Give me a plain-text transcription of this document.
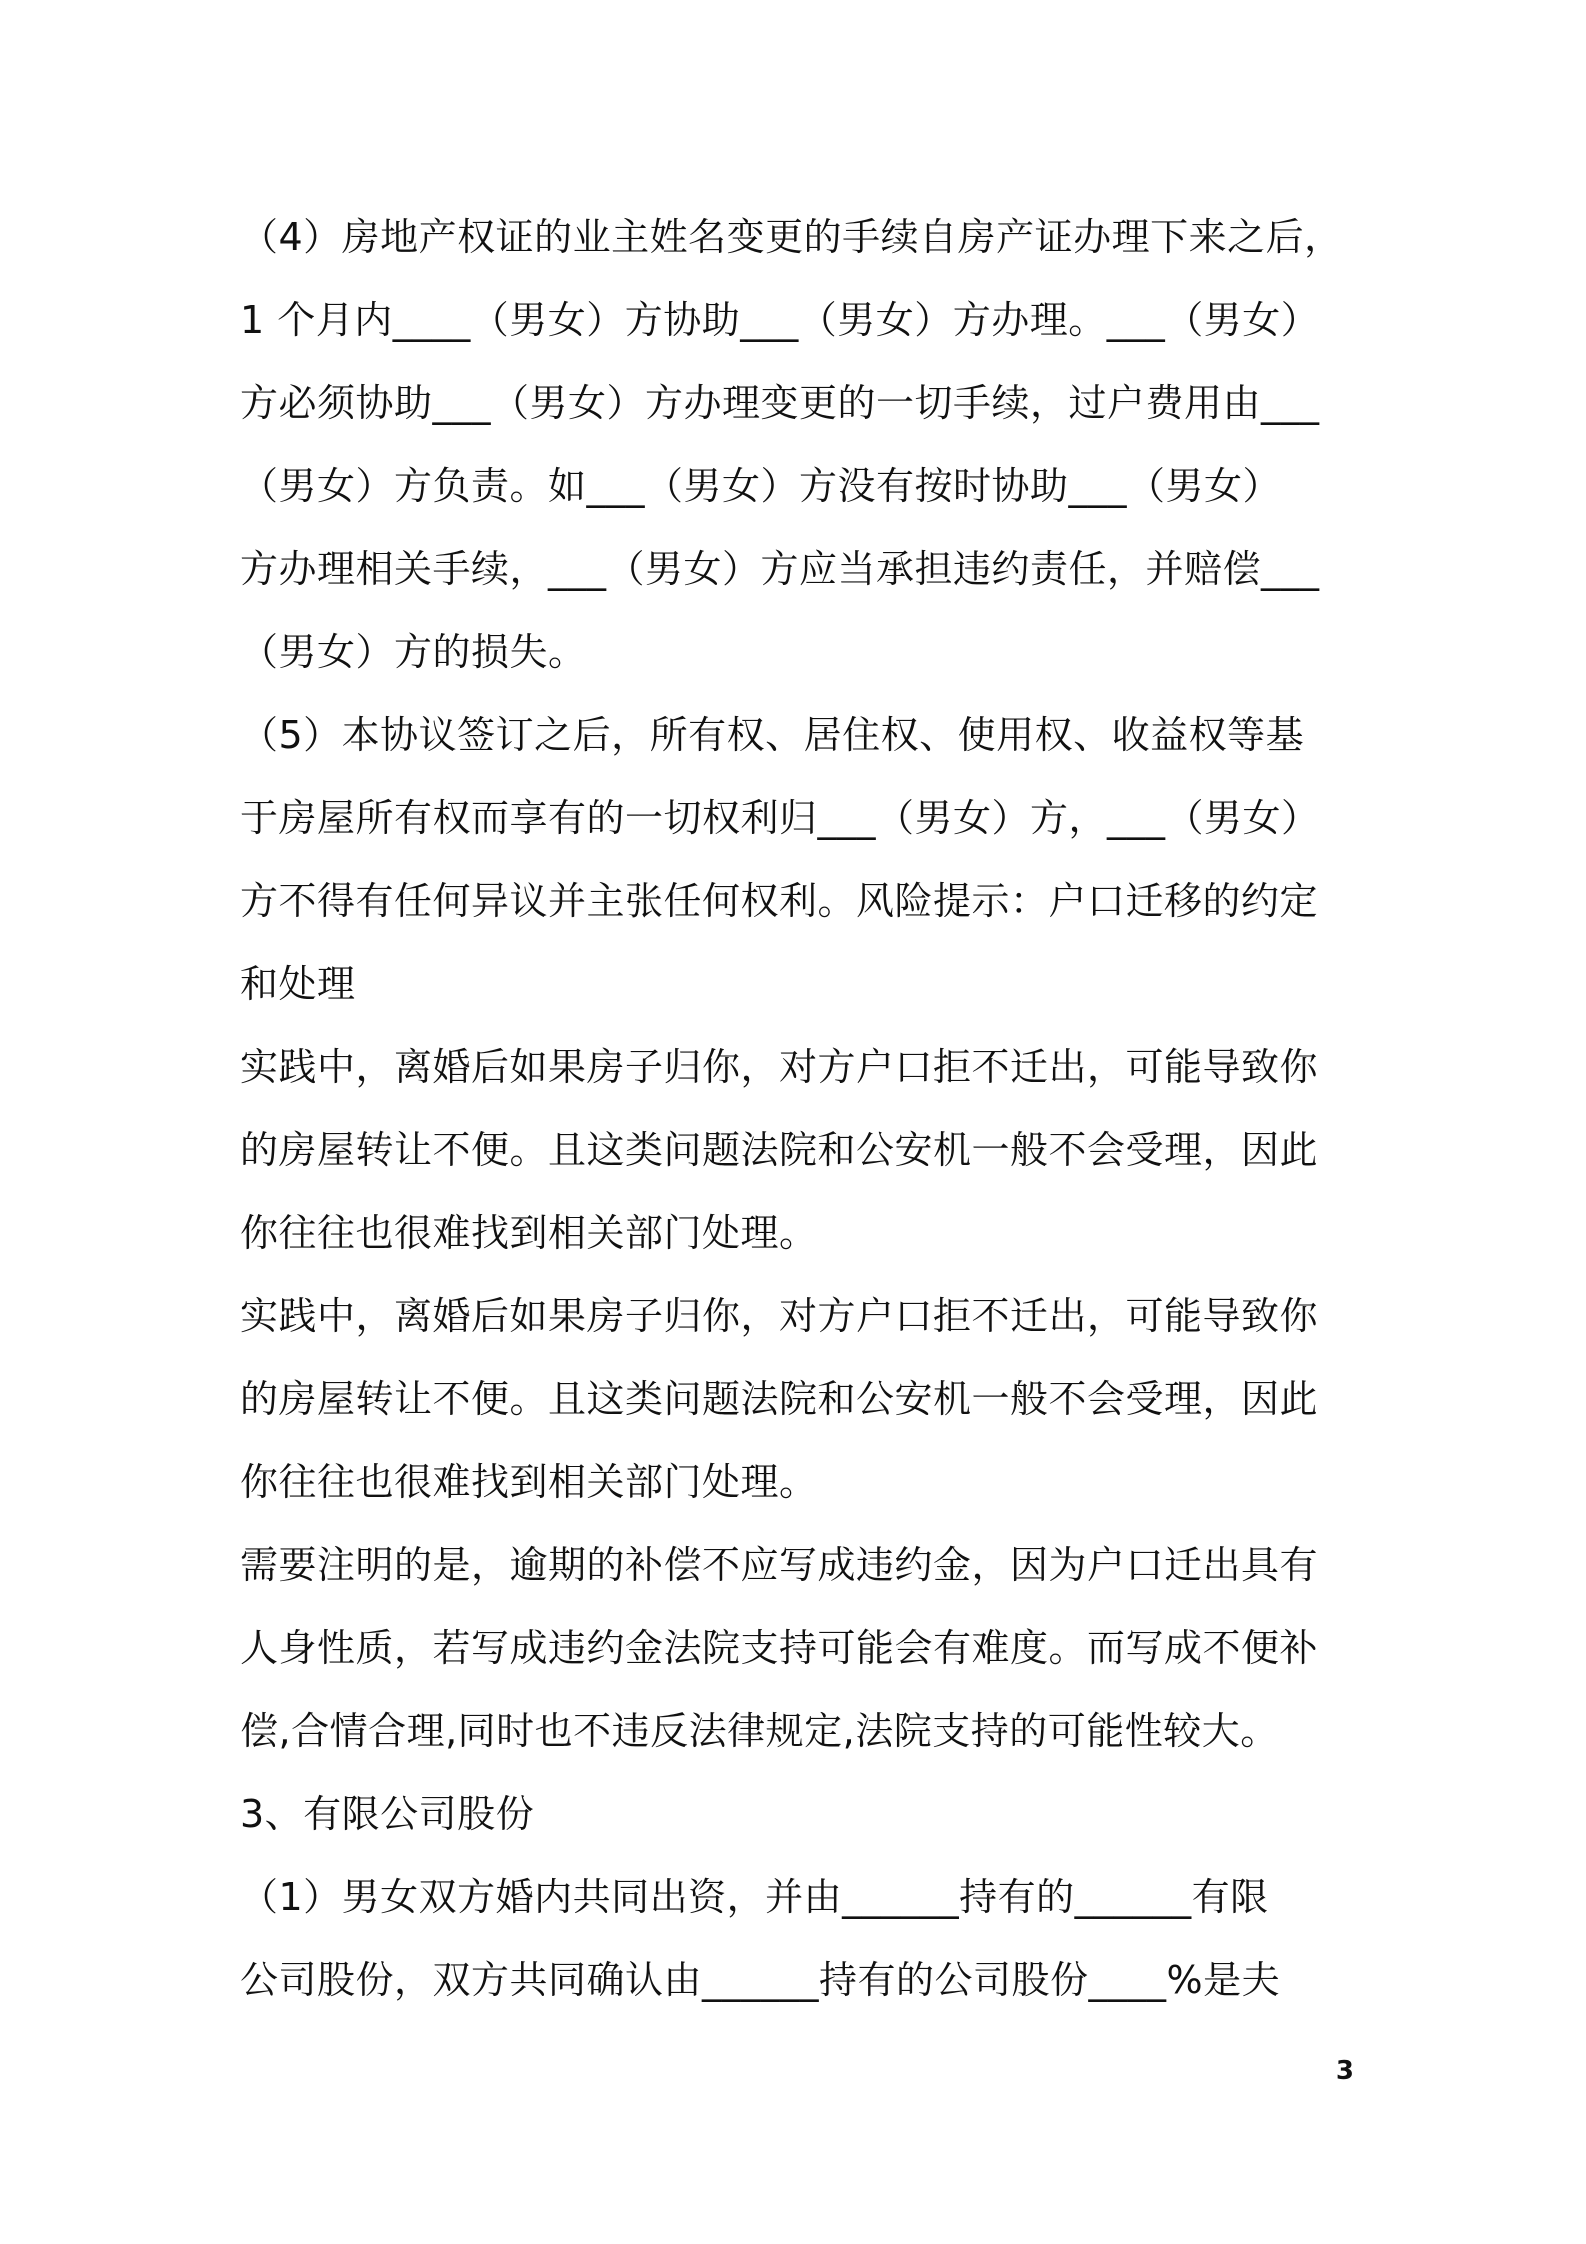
（4）房地产权证的业主姓名变更的手续自房产证办理下来之后，
1 个月内____（男女）方协助___（男女）方办理。___（男女）
方必须协助___（男女）方办理变更的一切手续，过户费用由___
（男女）方负责。如___（男女）方没有按时协助___（男女）
方办理相关手续，___（男女）方应当承担违约责任，并赔偿___
（男女）方的损失。
（5）本协议签订之后，所有权、居住权、使用权、收益权等基
于房屋所有权而享有的一切权利归___（男女）方，___（男女）
方不得有任何异议并主张任何权利。风险提示：户口迁移的约定
和处理
实践中，离婚后如果房子归你，对方户口拒不迁出，可能导致你
的房屋转让不便。且这类问题法院和公安机一般不会受理，因此
你往往也很难找到相关部门处理。
实践中，离婚后如果房子归你，对方户口拒不迁出，可能导致你
的房屋转让不便。且这类问题法院和公安机一般不会受理，因此
你往往也很难找到相关部门处理。
需要注明的是，逾期的补偿不应写成违约金，因为户口迁出具有
人身性质，若写成违约金法院支持可能会有难度。而写成不便补
偿,合情合理,同时也不违反法律规定,法院支持的可能性较大。
3、有限公司股份
（1）男女双方婚内共同出资，并由______持有的______有限
公司股份，双方共同确认由______持有的公司股份____%是夫
3
